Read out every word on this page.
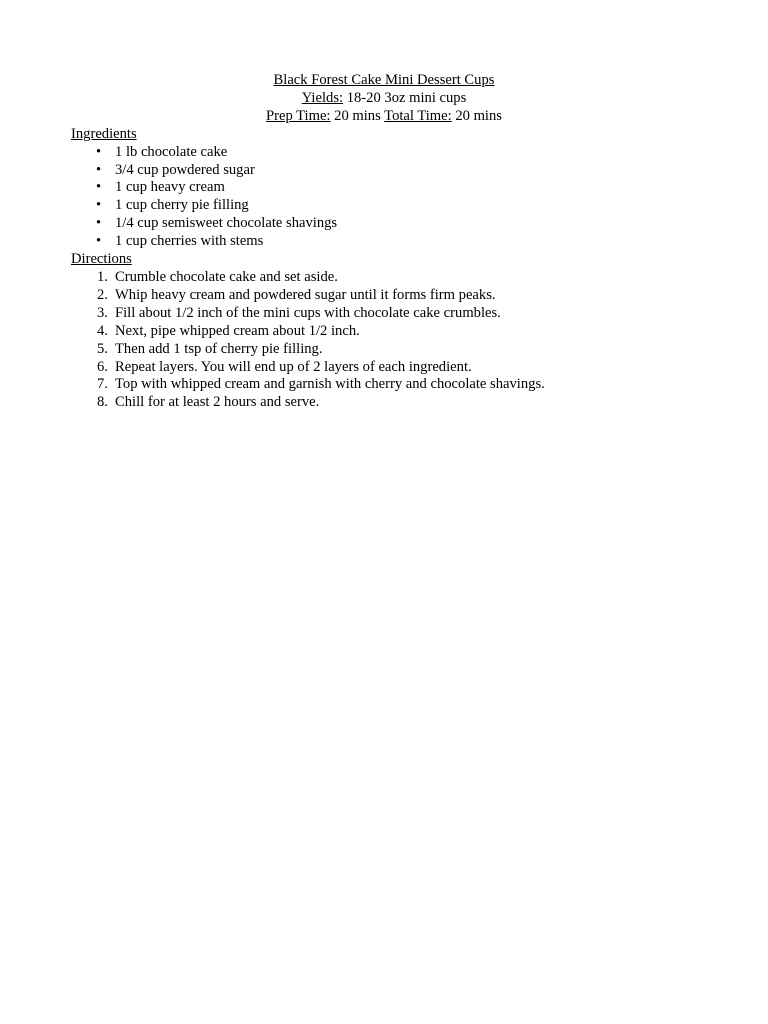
Black Forest Cake Mini Dessert Cups
Yields: 18-20 3oz mini cups
Prep Time: 20 mins Total Time: 20 mins
Ingredients
• 1 lb chocolate cake
• 3/4 cup powdered sugar
• 1 cup heavy cream
• 1 cup cherry pie filling
• 1/4 cup semisweet chocolate shavings
• 1 cup cherries with stems
Directions
1. Crumble chocolate cake and set aside.
2. Whip heavy cream and powdered sugar until it forms firm peaks.
3. Fill about 1/2 inch of the mini cups with chocolate cake crumbles.
4. Next, pipe whipped cream about 1/2 inch.
5. Then add 1 tsp of cherry pie filling.
6. Repeat layers. You will end up of 2 layers of each ingredient.
7. Top with whipped cream and garnish with cherry and chocolate shavings.
8. Chill for at least 2 hours and serve.
